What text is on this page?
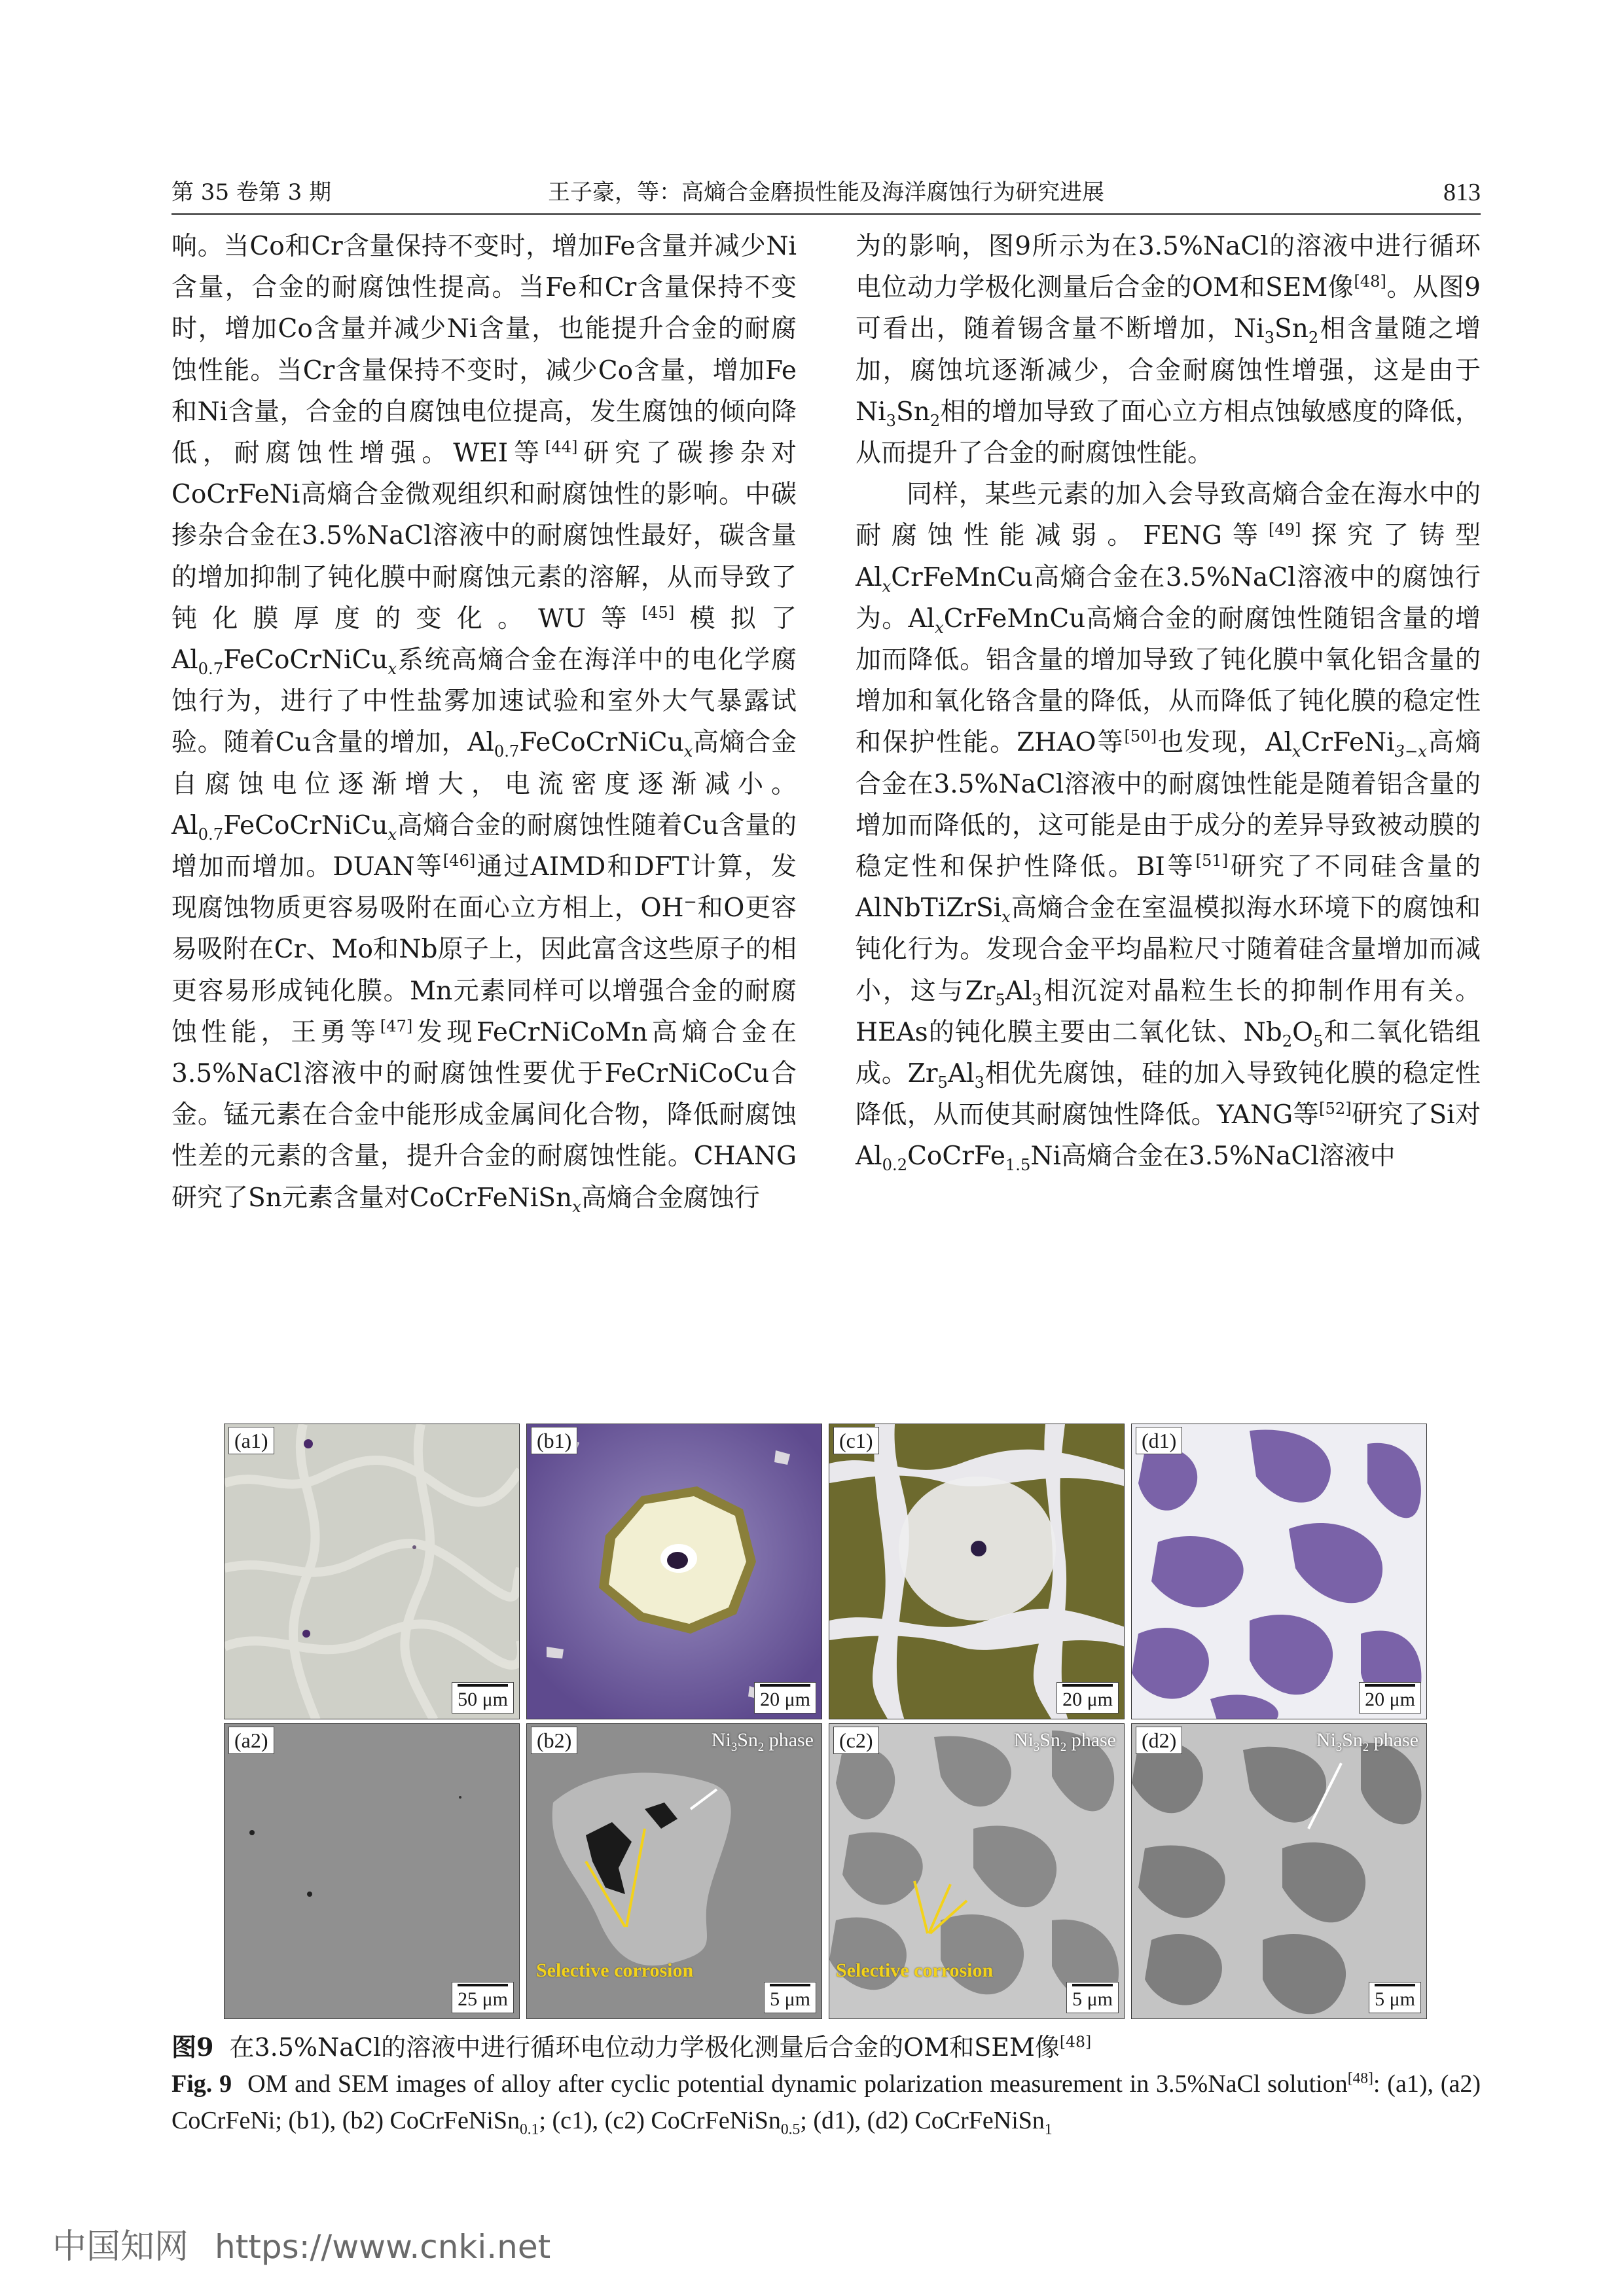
第 35 卷第 3 期	王子豪，等：高熵合金磨损性能及海洋腐蚀行为研究进展	813

响。当Co和Cr含量保持不变时，增加Fe含量并减少Ni含量，合金的耐腐蚀性提高。当Fe和Cr含量保持不变时，增加Co含量并减少Ni含量，也能提升合金的耐腐蚀性能。当Cr含量保持不变时，减少Co含量，增加Fe和Ni含量，合金的自腐蚀电位提高，发生腐蚀的倾向降低，耐腐蚀性增强。WEI等[44]研究了碳掺杂对CoCrFeNi高熵合金微观组织和耐腐蚀性的影响。中碳掺杂合金在3.5%NaCl溶液中的耐腐蚀性最好，碳含量的增加抑制了钝化膜中耐腐蚀元素的溶解，从而导致了钝化膜厚度的变化。WU等[45]模拟了$Al_{0.7}FeCoCrNiCu_x$系统高熵合金在海洋中的电化学腐蚀行为，进行了中性盐雾加速试验和室外大气暴露试验。随着Cu含量的增加，$Al_{0.7}FeCoCrNiCu_x$高熵合金自腐蚀电位逐渐增大，电流密度逐渐减小。$Al_{0.7}FeCoCrNiCu_x$高熵合金的耐腐蚀性随着Cu含量的增加而增加。DUAN等[46]通过AIMD和DFT计算，发现腐蚀物质更容易吸附在面心立方相上，OH−和O更容易吸附在Cr、Mo和Nb原子上，因此富含这些原子的相更容易形成钝化膜。Mn元素同样可以增强合金的耐腐蚀性能，王勇等[47]发现FeCrNiCoMn高熵合金在3.5%NaCl溶液中的耐腐蚀性要优于FeCrNiCoCu合金。锰元素在合金中能形成金属间化合物，降低耐腐蚀性差的元素的含量，提升合金的耐腐蚀性能。CHANG研究了Sn元素含量对CoCrFeNiSn$_x$高熵合金腐蚀行

为的影响，图9所示为在3.5%NaCl的溶液中进行循环电位动力学极化测量后合金的OM和SEM像[48]。从图9可看出，随着锡含量不断增加，$Ni_3Sn_2$相含量随之增加，腐蚀坑逐渐减少，合金耐腐蚀性增强，这是由于$Ni_3Sn_2$相的增加导致了面心立方相点蚀敏感度的降低，从而提升了合金的耐腐蚀性能。

同样，某些元素的加入会导致高熵合金在海水中的耐腐蚀性能减弱。FENG等[49]探究了铸型$Al_xCrFeMnCu$高熵合金在3.5%NaCl溶液中的腐蚀行为。$Al_xCrFeMnCu$高熵合金的耐腐蚀性随铝含量的增加而降低。铝含量的增加导致了钝化膜中氧化铝含量的增加和氧化铬含量的降低，从而降低了钝化膜的稳定性和保护性能。ZHAO等[50]也发现，$Al_xCrFeNi_{3-x}$高熵合金在3.5%NaCl溶液中的耐腐蚀性能是随着铝含量的增加而降低的，这可能是由于成分的差异导致被动膜的稳定性和保护性降低。BI等[51]研究了不同硅含量的AlNbTiZrSi$_x$高熵合金在室温模拟海水环境下的腐蚀和钝化行为。发现合金平均晶粒尺寸随着硅含量增加而减小，这与$Zr_5Al_3$相沉淀对晶粒生长的抑制作用有关。HEAs的钝化膜主要由二氧化钛、$Nb_2O_5$和二氧化锆组成。$Zr_5Al_3$相优先腐蚀，硅的加入导致钝化膜的稳定性降低，从而使其耐腐蚀性降低。YANG等[52]研究了Si对$Al_{0.2}CoCrFe_{1.5}Ni$高熵合金在3.5%NaCl溶液中

(a1)
50 μm
(b1)
20 μm
(c1)
20 μm
(d1)
20 μm
(a2)
25 μm
$Ni_3Sn_2$ phase
Selective corrosion
(b2)
5 μm
$Ni_3Sn_2$ phase
Selective corrosion
(c2)
5 μm
$Ni_3Sn_2$ phase
(d2)
5 μm
图9 在3.5%NaCl的溶液中进行循环电位动力学极化测量后合金的OM和SEM像[48]
Fig. 9 OM and SEM images of alloy after cyclic potential dynamic polarization measurement in 3.5%NaCl solution[48]: (a1), (a2) CoCrFeNi; (b1), (b2) CoCrFeNiSn$_{0.1}$; (c1), (c2) CoCrFeNiSn$_{0.5}$; (d1), (d2) CoCrFeNiSn$_1$
中国知网 https://www.cnki.net
